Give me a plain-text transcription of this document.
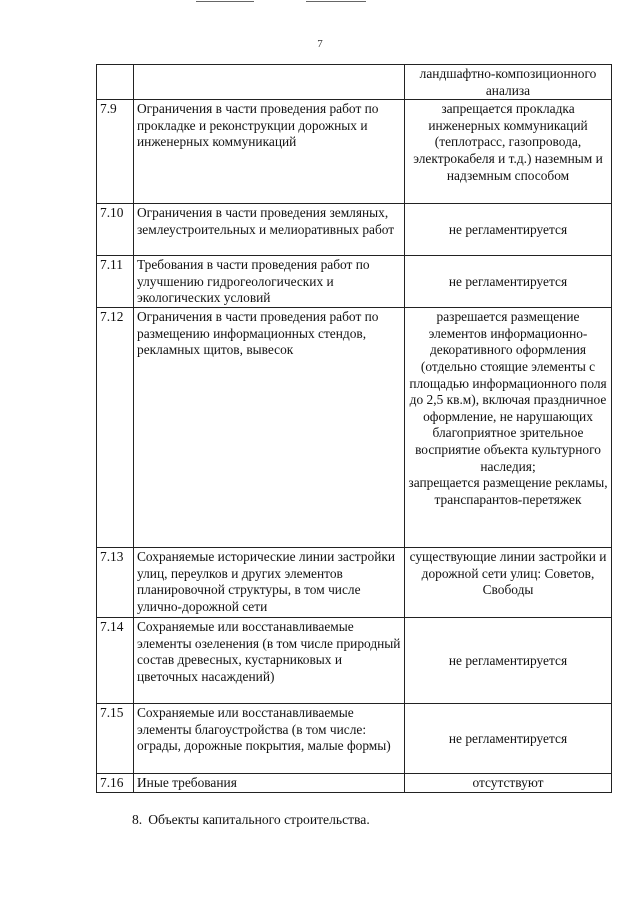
7
		ландшафтно-композиционного анализа
7.9	Ограничения в части проведения работ по прокладке и реконструкции дорожных и инженерных коммуникаций	запрещается прокладка инженерных коммуникаций (теплотрасс, газопровода, электрокабеля и т.д.) наземным и надземным способом
7.10	Ограничения в части проведения земляных, землеустроительных и мелиоративных работ	не регламентируется
7.11	Требования в части проведения работ по улучшению гидрогеологических и экологических условий	не регламентируется
7.12	Ограничения в части проведения работ по размещению информационных стендов, рекламных щитов, вывесок	разрешается размещение элементов информационно-декоративного оформления (отдельно стоящие элементы с площадью информационного поля до 2,5 кв.м), включая праздничное оформление, не нарушающих благоприятное зрительное восприятие объекта культурного наследия;
запрещается размещение рекламы, транспарантов-перетяжек

7.13	Сохраняемые исторические линии застройки улиц, переулков и других элементов планировочной структуры, в том числе улично-дорожной сети	существующие линии застройки и дорожной сети улиц: Советов, Свободы
7.14	Сохраняемые или восстанавливаемые элементы озеленения (в том числе природный состав древесных, кустарниковых и цветочных насаждений)	не регламентируется
7.15	Сохраняемые или восстанавливаемые элементы благоустройства (в том числе: ограды, дорожные покрытия, малые формы)	не регламентируется
7.16	Иные требования	отсутствуют
8. Объекты капитального строительства.
